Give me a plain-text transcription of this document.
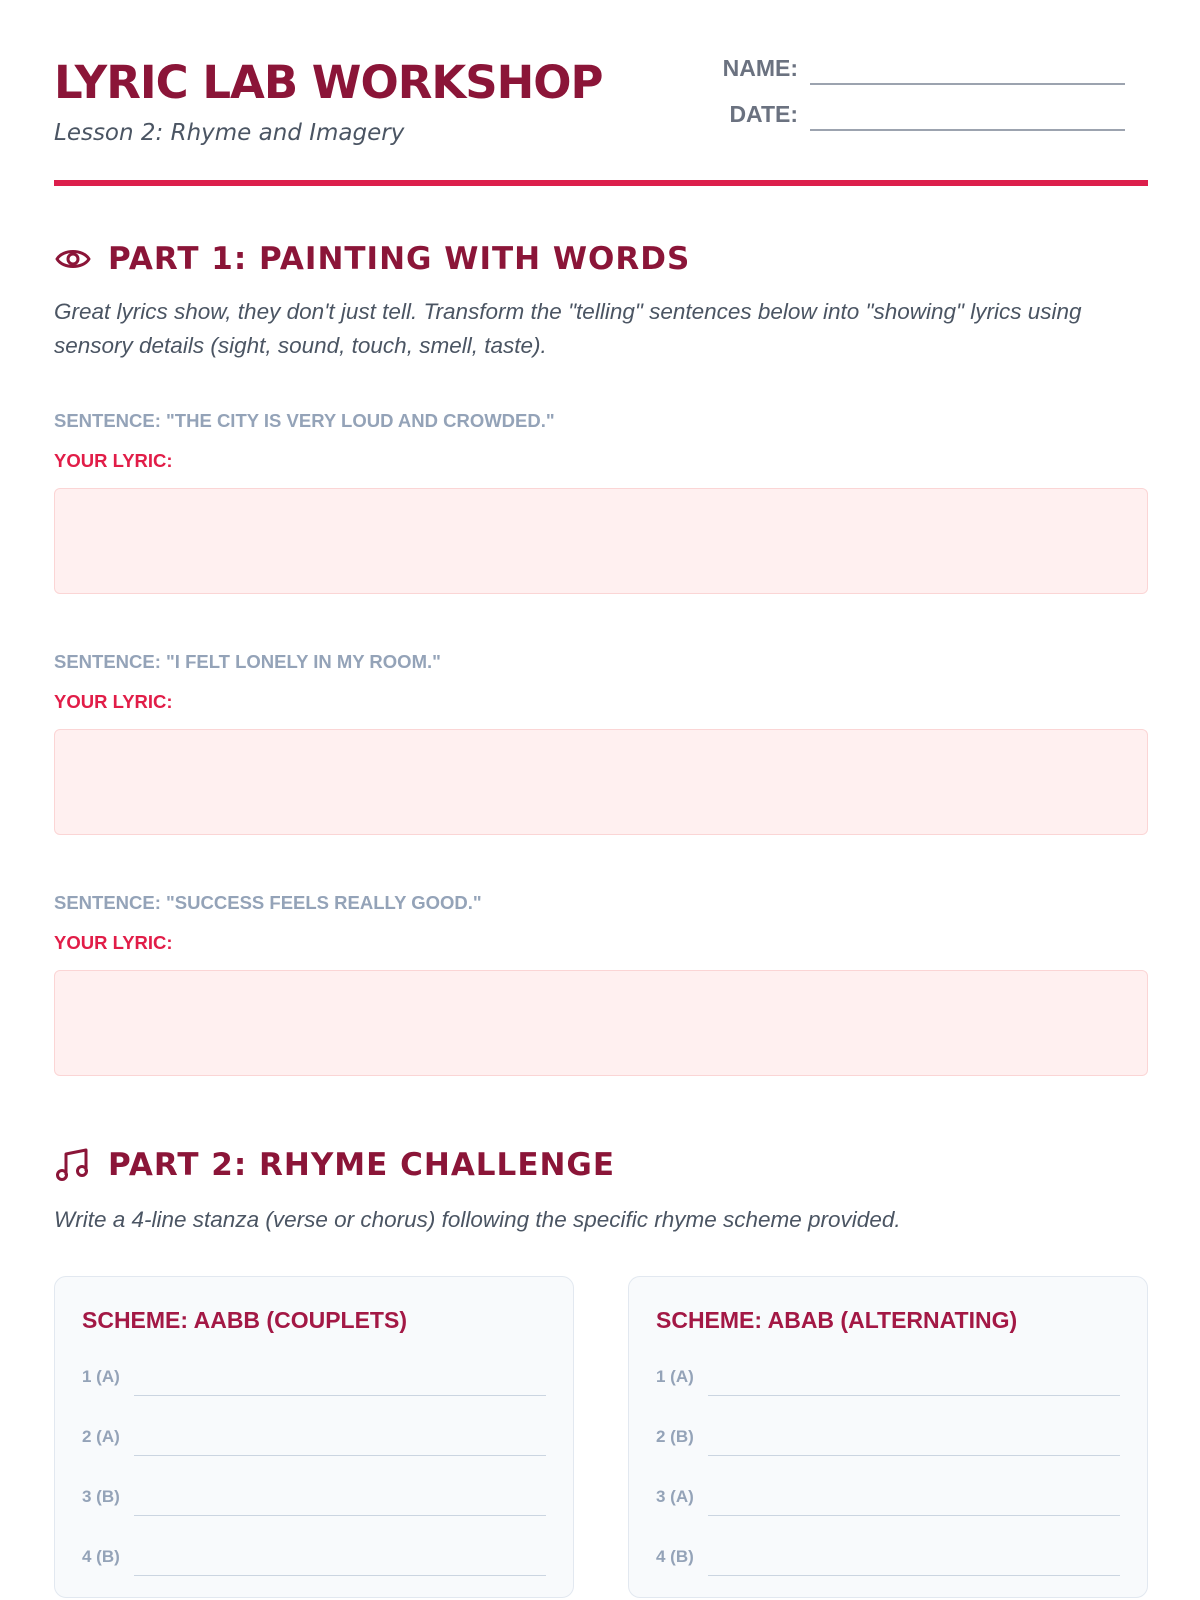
LYRIC LAB WORKSHOP
Lesson 2: Rhyme and Imagery
NAME:
DATE:
PART 1: PAINTING WITH WORDS
Great lyrics show, they don't just tell. Transform the "telling" sentences below into "showing" lyrics using sensory details (sight, sound, touch, smell, taste).
SENTENCE: "THE CITY IS VERY LOUD AND CROWDED."
YOUR LYRIC:
SENTENCE: "I FELT LONELY IN MY ROOM."
YOUR LYRIC:
SENTENCE: "SUCCESS FEELS REALLY GOOD."
YOUR LYRIC:
PART 2: RHYME CHALLENGE
Write a 4-line stanza (verse or chorus) following the specific rhyme scheme provided.
SCHEME: AABB (COUPLETS)
1 (A)
2 (A)
3 (B)
4 (B)
SCHEME: ABAB (ALTERNATING)
1 (A)
2 (B)
3 (A)
4 (B)
